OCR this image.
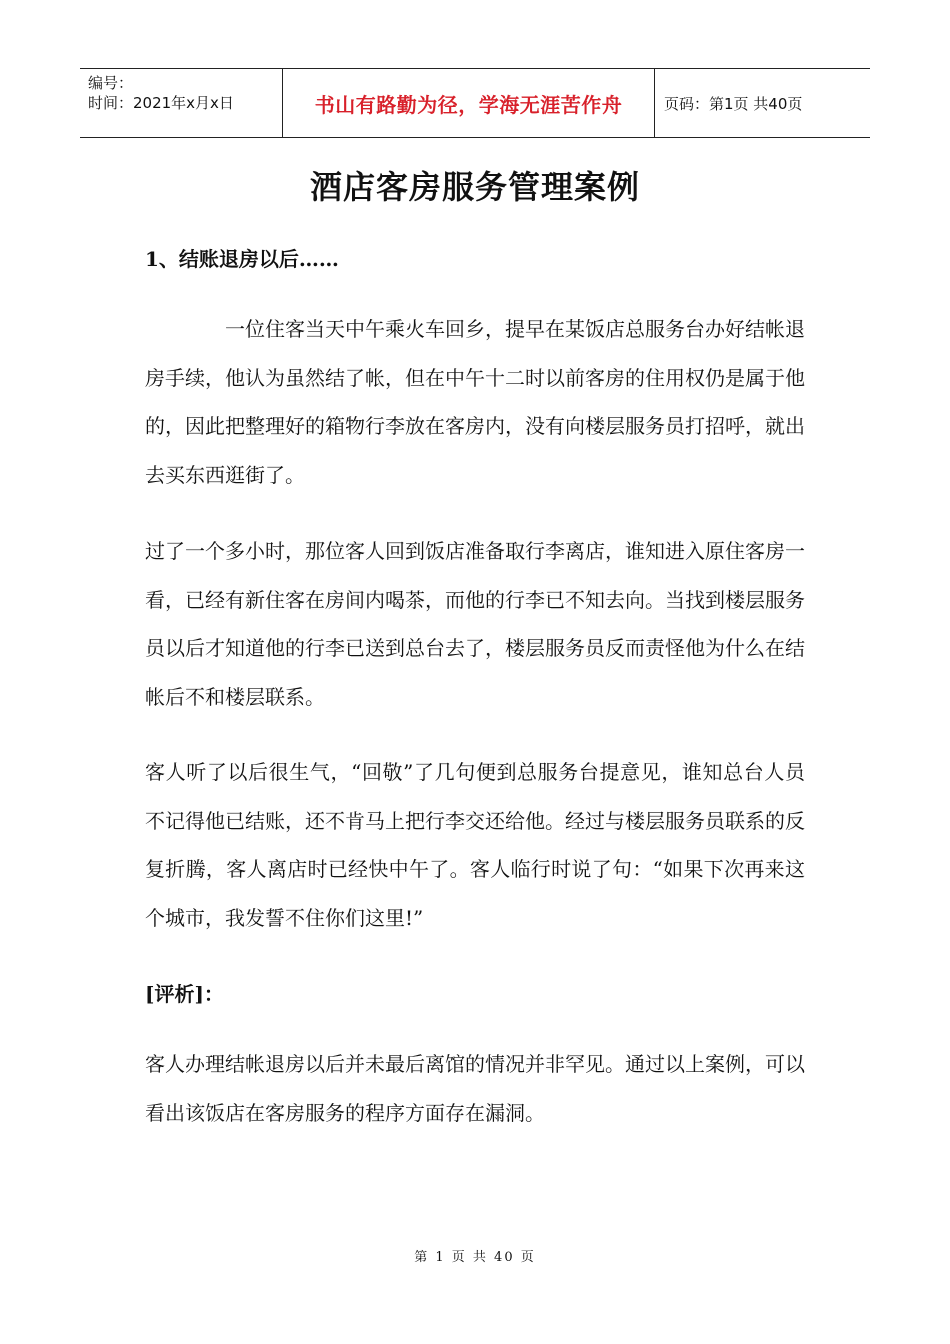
编号：
时间：2021年x月x日	书山有路勤为径，学海无涯苦作舟	页码：第1页 共40页
酒店客房服务管理案例
1、结账退房以后……
一位住客当天中午乘火车回乡，提早在某饭店总服务台办好结帐退房手续，他认为虽然结了帐，但在中午十二时以前客房的住用权仍是属于他的，因此把整理好的箱物行李放在客房内，没有向楼层服务员打招呼，就出去买东西逛街了。
过了一个多小时，那位客人回到饭店准备取行李离店，谁知进入原住客房一看，已经有新住客在房间内喝茶，而他的行李已不知去向。当找到楼层服务员以后才知道他的行李已送到总台去了，楼层服务员反而责怪他为什么在结帐后不和楼层联系。
客人听了以后很生气，“回敬”了几句便到总服务台提意见，谁知总台人员不记得他已结账，还不肯马上把行李交还给他。经过与楼层服务员联系的反复折腾，客人离店时已经快中午了。客人临行时说了句：“如果下次再来这个城市，我发誓不住你们这里!”
[评析]：
客人办理结帐退房以后并未最后离馆的情况并非罕见。通过以上案例，可以看出该饭店在客房服务的程序方面存在漏洞。
第 1 页 共 40 页
